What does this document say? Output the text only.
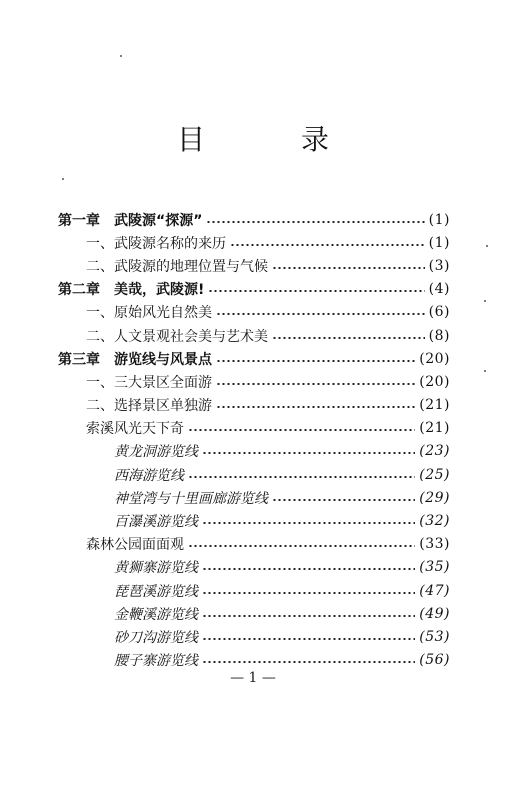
目　录
第一章　武陵源“探源”	(1)
一、武陵源名称的来历	(1)
二、武陵源的地理位置与气候	(3)
第二章　美哉，武陵源!	(4)
一、原始风光自然美	(6)
二、人文景观社会美与艺术美	(8)
第三章　游览线与风景点	(20)
一、三大景区全面游	(20)
二、选择景区单独游	(21)
索溪风光天下奇	(21)
黄龙洞游览线	(23)
西海游览线	(25)
神堂湾与十里画廊游览线	(29)
百瀑溪游览线	(32)
森林公园面面观	(33)
黄狮寨游览线	(35)
琵琶溪游览线	(47)
金鞭溪游览线	(49)
砂刀沟游览线	(53)
腰子寨游览线	(56)
— 1 —
